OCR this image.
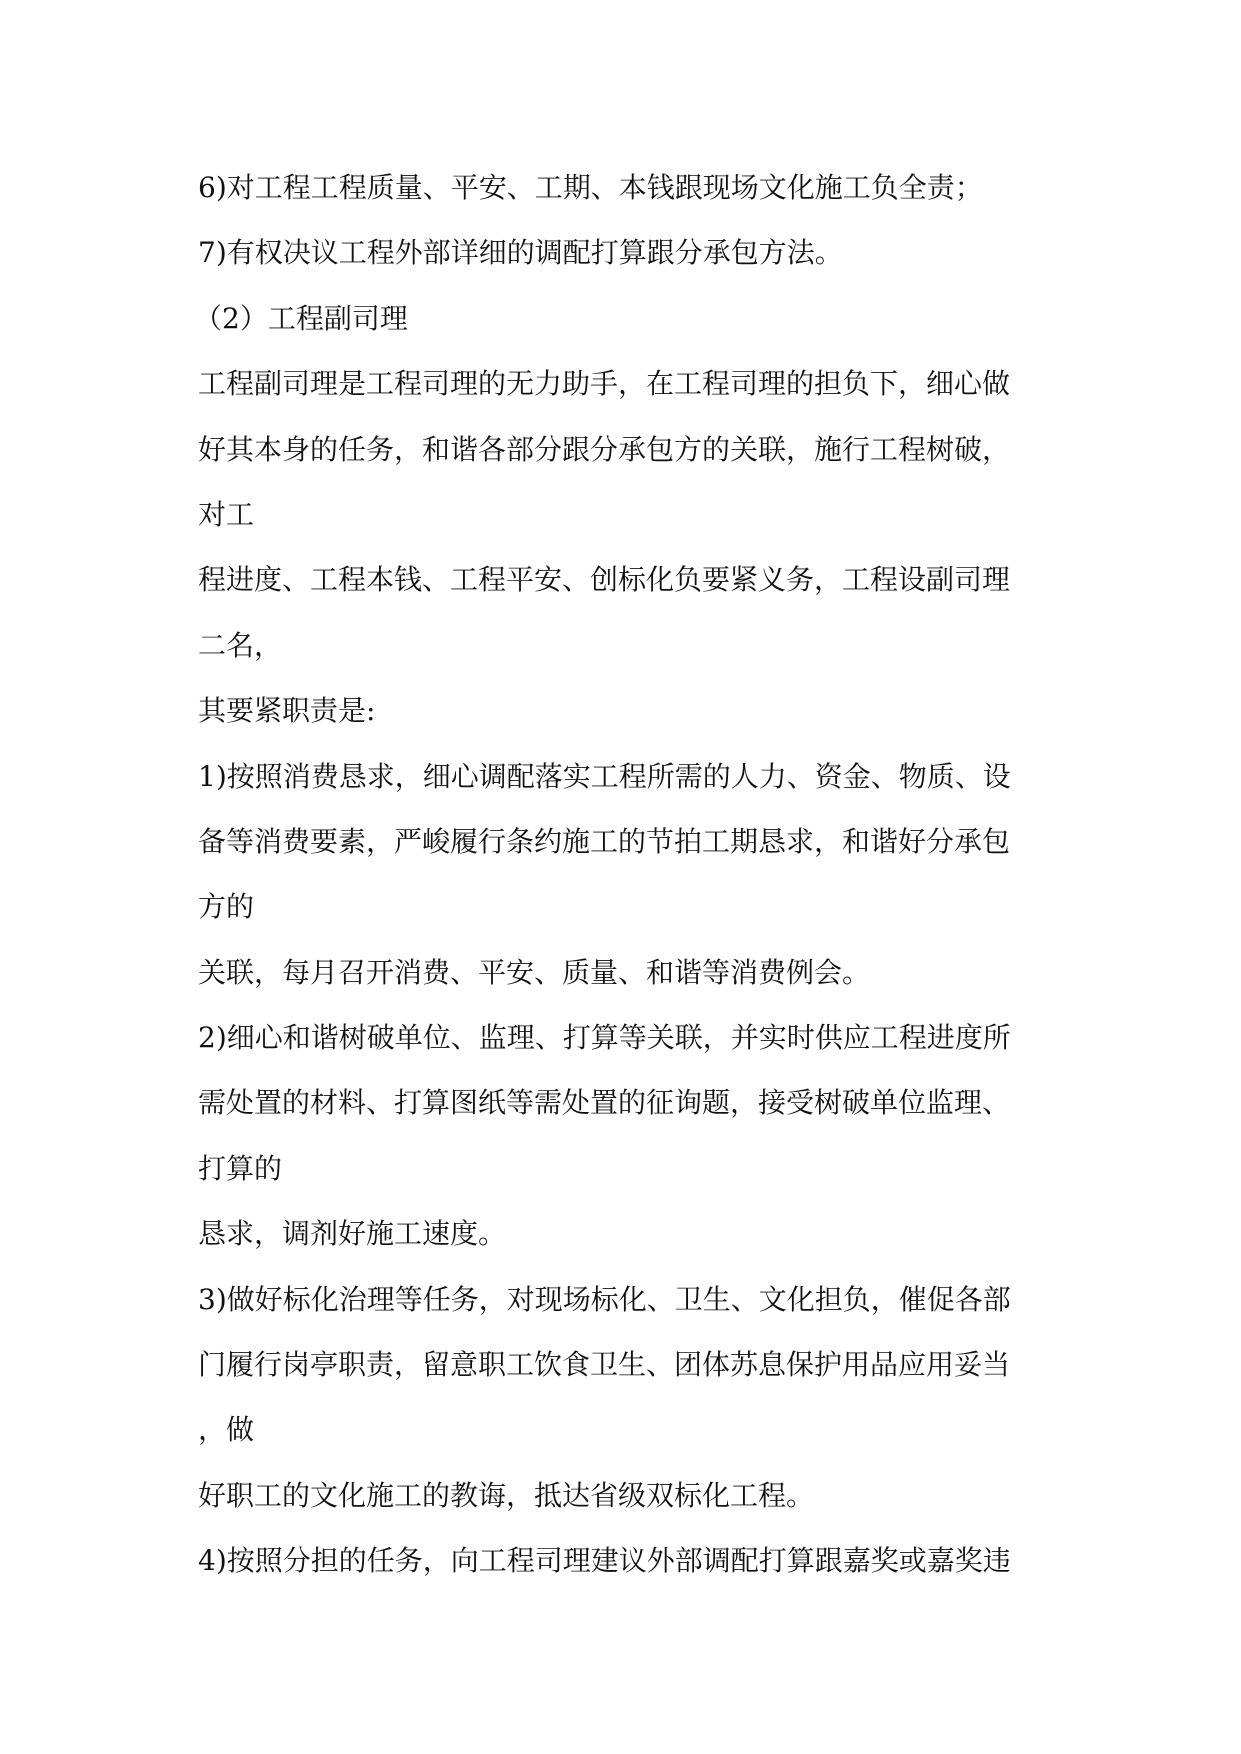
6)对工程工程质量、平安、工期、本钱跟现场文化施工负全责；
7)有权决议工程外部详细的调配打算跟分承包方法。
（2）工程副司理
工程副司理是工程司理的无力助手，在工程司理的担负下，细心做
好其本身的任务，和谐各部分跟分承包方的关联，施行工程树破，
对工
程进度、工程本钱、工程平安、创标化负要紧义务，工程设副司理
二名，
其要紧职责是:
1)按照消费恳求，细心调配落实工程所需的人力、资金、物质、设
备等消费要素，严峻履行条约施工的节拍工期恳求，和谐好分承包
方的
关联，每月召开消费、平安、质量、和谐等消费例会。
2)细心和谐树破单位、监理、打算等关联，并实时供应工程进度所
需处置的材料、打算图纸等需处置的征询题，接受树破单位监理、
打算的
恳求，调剂好施工速度。
3)做好标化治理等任务，对现场标化、卫生、文化担负，催促各部
门履行岗亭职责，留意职工饮食卫生、团体苏息保护用品应用妥当
，做
好职工的文化施工的教诲，抵达省级双标化工程。
4)按照分担的任务，向工程司理建议外部调配打算跟嘉奖或嘉奖违
